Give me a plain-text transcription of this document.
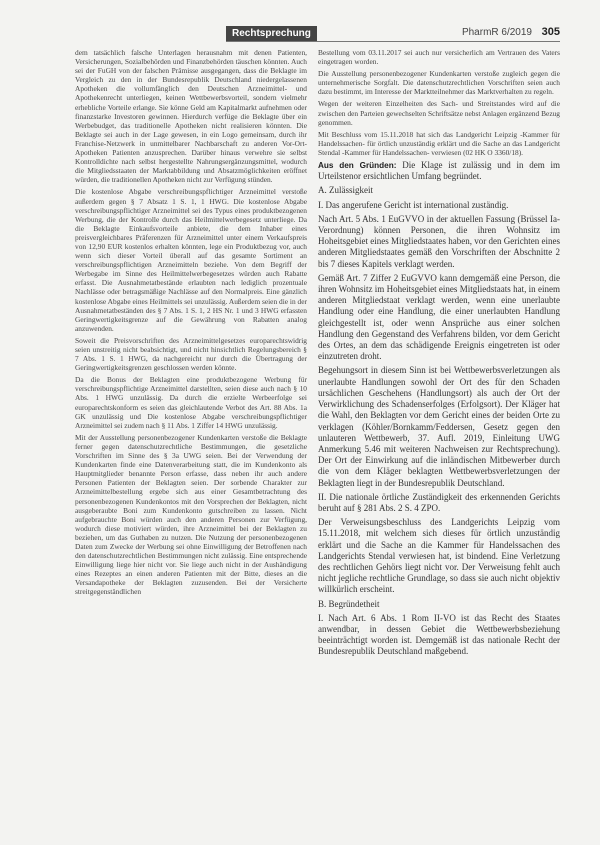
Rechtsprechung	PharmR 6/2019 305

dem tatsächlich falsche Unterlagen herausnahm mit denen Patienten, Versicherungen, Sozialbehörden und Finanzbehörden täuschen könnten. Auch sei der FuGH von der falschen Prämisse ausgegangen, dass die Beklagte im Vergleich zu den in der Bundesrepublik Deutschland niedergelassenen Apotheken die vollumfänglich den Deutschen Arzneimittel- und Apothekenrecht unterliegen, keinen Wettbewerbsvorteil, sondern vielmehr erhebliche Vorteile erlange. Sie könne Geld am Kapitalmarkt aufnehmen oder finanzstarke Investoren gewinnen. Hierdurch verfüge die Beklagte über ein Werbebudget, das traditionelle Apotheken nicht realisieren könnten. Die Beklagte sei auch in der Lage gewesen, in ein Logo gemeinsam, durch ihr Franchise-Netzwerk in unmittelbarer Nachbarschaft zu anderen Vor-Ort-Apotheken Patienten anzusprechen. Darüber hinaus verwehre sie selbst Kontrolldichte nach selbst hergestellte Nahrungsergänzungsmittel, wodurch die Mitgliedsstaaten der Marktabbildung und Absatzmöglichkeiten eröffnet würden, die traditionellen Apotheken nicht zur Verfügung stünden.

Die kostenlose Abgabe verschreibungspflichtiger Arzneimittel verstoße außerdem gegen § 7 Absatz 1 S. 1, 1 HWG. Die kostenlose Abgabe verschreibungspflichtiger Arzneimittel sei des Typus eines produktbezogenen Werbung, die der Kontrolle durch das Heilmittelwerbegesetz unterliege. Da die Beklagte Einkaufsvorteile anbiete, die dem Inhaber eines preisvergleichbares Präferenzen für Arzneimittel unter einem Verkaufspreis von 12,90 EUR kostenlos erhalten könnten, lege ein Produktbezug vor, auch wenn sich dieser Vorteil überall auf das gesamte Sortiment an verschreibungspflichtigen Arzneimitteln beziehe. Von dem Begriff der Werbegabe im Sinne des Heilmittelwerbegesetzes würden auch Rabatte erfasst. Die Ausnahmetatbestände erlaubten nach lediglich prozentuale Nachlässe oder betragsmäßige Nachlässe auf den Normalpreis. Eine gänzlich kostenlose Abgabe eines Heilmittels sei unzulässig. Außerdem seien die in der Ausnahmetatbeständen des § 7 Abs. 1 S. 1, 2 HS Nr. 1 und 3 HWG erfassten Geringwertigkeitsgrenze auf die Gewährung von Rabatten analog anzuwenden.

Soweit die Preisvorschriften des Arzneimittelgesetzes europarechtswidrig seien unstreitig nicht beabsichtigt, und nicht hinsichtlich Regelungsbereich § 7 Abs. 1 S. 1 HWG, da nachgereicht nur durch die Übertragung der Geringwertigkeitsgrenzen geschlossen werden könnte.

Da die Bonus der Beklagten eine produktbezogene Werbung für verschreibungspflichtige Arzneimittel darstellten, seien diese auch nach § 10 Abs. 1 HWG unzulässig. Da durch die erzielte Werbeerfolge sei europarechtskonform es seien das gleichlautende Verbot des Art. 88 Abs. 1a GK unzulässig und Die kostenlose Abgabe verschreibungspflichtiger Arzneimittel sei zudem nach § 11 Abs. 1 Ziffer 14 HWG unzulässig.

Mit der Ausstellung personenbezogener Kundenkarten verstoße die Beklagte ferner gegen datenschutzrechtliche Bestimmungen, die gesetzliche Vorschriften im Sinne des § 3a UWG seien. Bei der Verwendung der Kundenkarten finde eine Datenverarbeitung statt, die im Kundenkonto als Hauptmitglieder benannte Person erfasse, dass neben ihr auch andere Personen Patienten der Beklagten seien. Der sorbende Charakter zur Arzneimittelbestellung ergebe sich aus einer Gesamtbetrachtung des personenbezogenen Kundenkontos mit den Vorsprechen der Beklagten, nicht ausgeberaubte Boni zum Kundenkonto gutschreiben zu lassen. Nicht aufgebrauchte Boni würden auch den anderen Personen zur Verfügung, wodurch diese motiviert würden, ihre Arzneimittel bei der Beklagten zu beziehen, um das Guthaben zu nutzen. Die Nutzung der personenbezogenen Daten zum Zwecke der Werbung sei ohne Einwilligung der Betroffenen nach den datenschutzrechtlichen Bestimmungen nicht zulässig. Eine entsprechende Einwilligung liege hier nicht vor. Sie liege auch nicht in der Aushändigung eines Rezeptes an einen anderen Patienten mit der Bitte, dieses an die Versandapotheke der Beklagten zuzusenden. Bei der Versicherte streitgegenständlichen

Bestellung vom 03.11.2017 sei auch nur versicherlich am Vertrauen des Vaters eingetragen worden.

Die Ausstellung personenbezogener Kundenkarten verstoße zugleich gegen die unternehmerische Sorgfalt. Die datenschutzrechtlichen Vorschriften seien auch dazu bestimmt, im Interesse der Marktteilnehmer das Marktverhalten zu regeln.

Wegen der weiteren Einzelheiten des Sach- und Streitstandes wird auf die zwischen den Parteien gewechselten Schriftsätze nebst Anlagen ergänzend Bezug genommen.

Mit Beschluss vom 15.11.2018 hat sich das Landgericht Leipzig -Kammer für Handelssachen- für örtlich unzuständig erklärt und die Sache an das Landgericht Stendal -Kammer für Handelssachen- verwiesen (02 HK O 3360/18).

Aus den Gründen: Die Klage ist zulässig und in dem im Urteilstenor ersichtlichen Umfang begründet.

A. Zulässigkeit

I. Das angerufene Gericht ist international zuständig.

Nach Art. 5 Abs. 1 EuGVVO in der aktuellen Fassung (Brüssel Ia-Verordnung) können Personen, die ihren Wohnsitz im Hoheitsgebiet eines Mitgliedstaates haben, vor den Gerichten eines anderen Mitgliedstaates gemäß den Vorschriften der Abschnitte 2 bis 7 dieses Kapitels verklagt werden.

Gemäß Art. 7 Ziffer 2 EuGVVO kann demgemäß eine Person, die ihren Wohnsitz im Hoheitsgebiet eines Mitgliedstaats hat, in einem anderen Mitgliedstaat verklagt werden, wenn eine unerlaubte Handlung oder eine Handlung, die einer unerlaubten Handlung gleichgestellt ist, oder wenn Ansprüche aus einer solchen Handlung den Gegenstand des Verfahrens bilden, vor dem Gericht des Ortes, an dem das schädigende Ereignis eingetreten ist oder einzutreten droht.

Begehungsort in diesem Sinn ist bei Wettbewerbsverletzungen als unerlaubte Handlungen sowohl der Ort des für den Schaden ursächlichen Geschehens (Handlungsort) als auch der Ort der Verwirklichung des Schadenserfolges (Erfolgsort). Der Kläger hat die Wahl, den Beklagten vor dem Gericht eines der beiden Orte zu verklagen (Köhler/Bornkamm/Feddersen, Gesetz gegen den unlauteren Wettbewerb, 37. Aufl. 2019, Einleitung UWG Anmerkung 5.46 mit weiteren Nachweisen zur Rechtsprechung). Der Ort der Einwirkung auf die inländischen Mitbewerber durch die von dem Kläger beklagten Wettbewerbsverletzungen der Beklagten liegt in der Bundesrepublik Deutschland.

II. Die nationale örtliche Zuständigkeit des erkennenden Gerichts beruht auf § 281 Abs. 2 S. 4 ZPO.

Der Verweisungsbeschluss des Landgerichts Leipzig vom 15.11.2018, mit welchem sich dieses für örtlich unzuständig erklärt und die Sache an die Kammer für Handelssachen des Landgerichts Stendal verwiesen hat, ist bindend. Eine Verletzung des rechtlichen Gehörs liegt nicht vor. Der Verweisung fehlt auch nicht jegliche rechtliche Grundlage, so dass sie auch nicht objektiv willkürlich erscheint.

B. Begründetheit

I. Nach Art. 6 Abs. 1 Rom II-VO ist das Recht des Staates anwendbar, in dessen Gebiet die Wettbewerbsbeziehung beeinträchtigt worden ist. Demgemäß ist das nationale Recht der Bundesrepublik Deutschland maßgebend.
